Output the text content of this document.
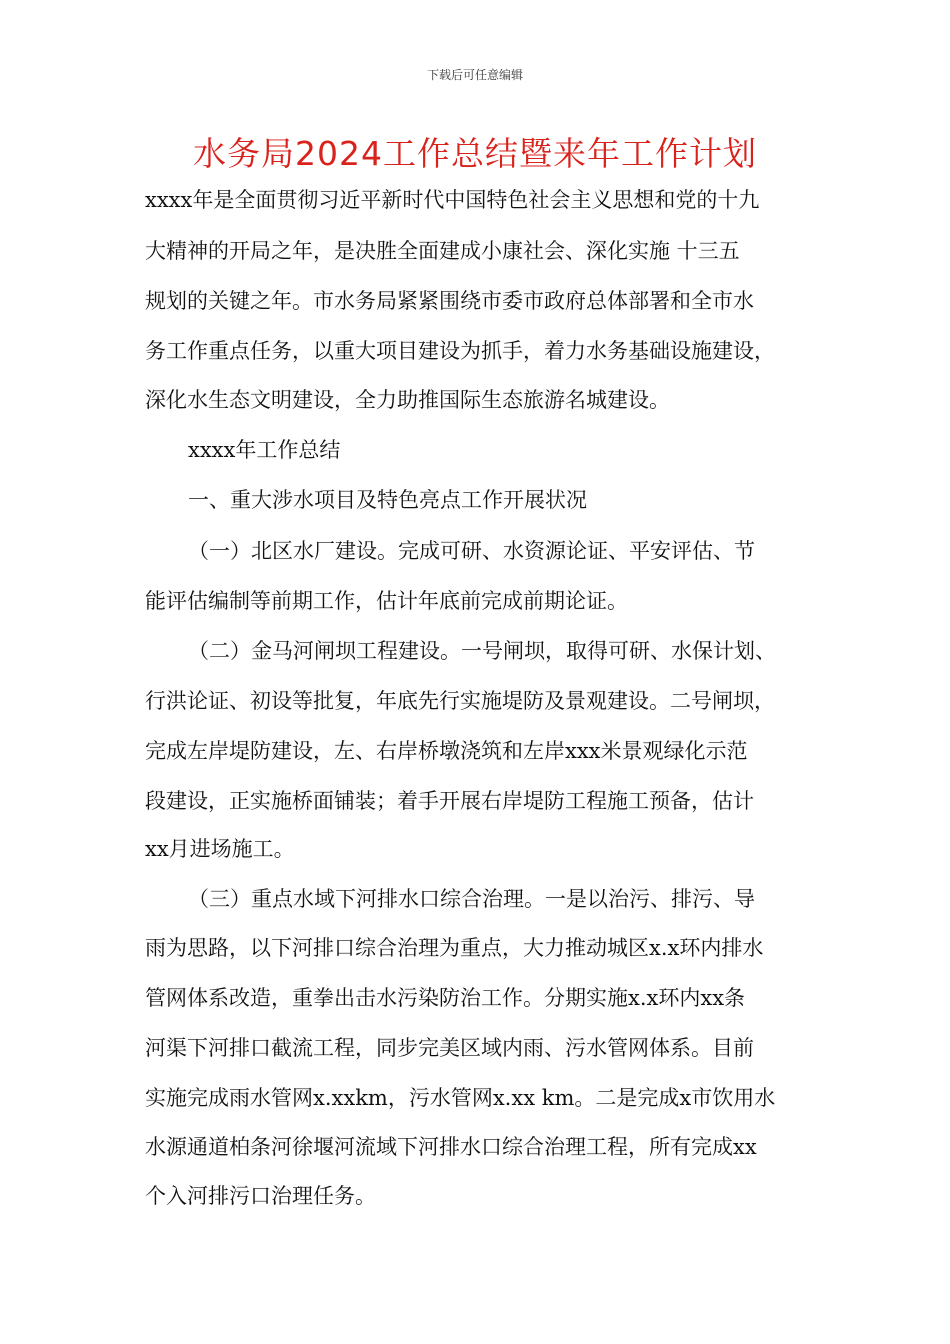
下载后可任意编辑
水务局2024工作总结暨来年工作计划
xxxx年是全面贯彻习近平新时代中国特色社会主义思想和党的十九
大精神的开局之年，是决胜全面建成小康社会、深化实施 十三五
规划的关键之年。市水务局紧紧围绕市委市政府总体部署和全市水
务工作重点任务，以重大项目建设为抓手，着力水务基础设施建设，
深化水生态文明建设，全力助推国际生态旅游名城建设。
xxxx年工作总结
一、重大涉水项目及特色亮点工作开展状况
（一）北区水厂建设。完成可研、水资源论证、平安评估、节
能评估编制等前期工作，估计年底前完成前期论证。
（二）金马河闸坝工程建设。一号闸坝，取得可研、水保计划、
行洪论证、初设等批复，年底先行实施堤防及景观建设。二号闸坝，
完成左岸堤防建设，左、右岸桥墩浇筑和左岸xxx米景观绿化示范
段建设，正实施桥面铺装；着手开展右岸堤防工程施工预备，估计
xx月进场施工。
（三）重点水域下河排水口综合治理。一是以治污、排污、导
雨为思路，以下河排口综合治理为重点，大力推动城区x.x环内排水
管网体系改造，重拳出击水污染防治工作。分期实施x.x环内xx条
河渠下河排口截流工程，同步完美区域内雨、污水管网体系。目前
实施完成雨水管网x.xxkm，污水管网x.xx km。二是完成x市饮用水
水源通道柏条河徐堰河流域下河排水口综合治理工程，所有完成xx
个入河排污口治理任务。
